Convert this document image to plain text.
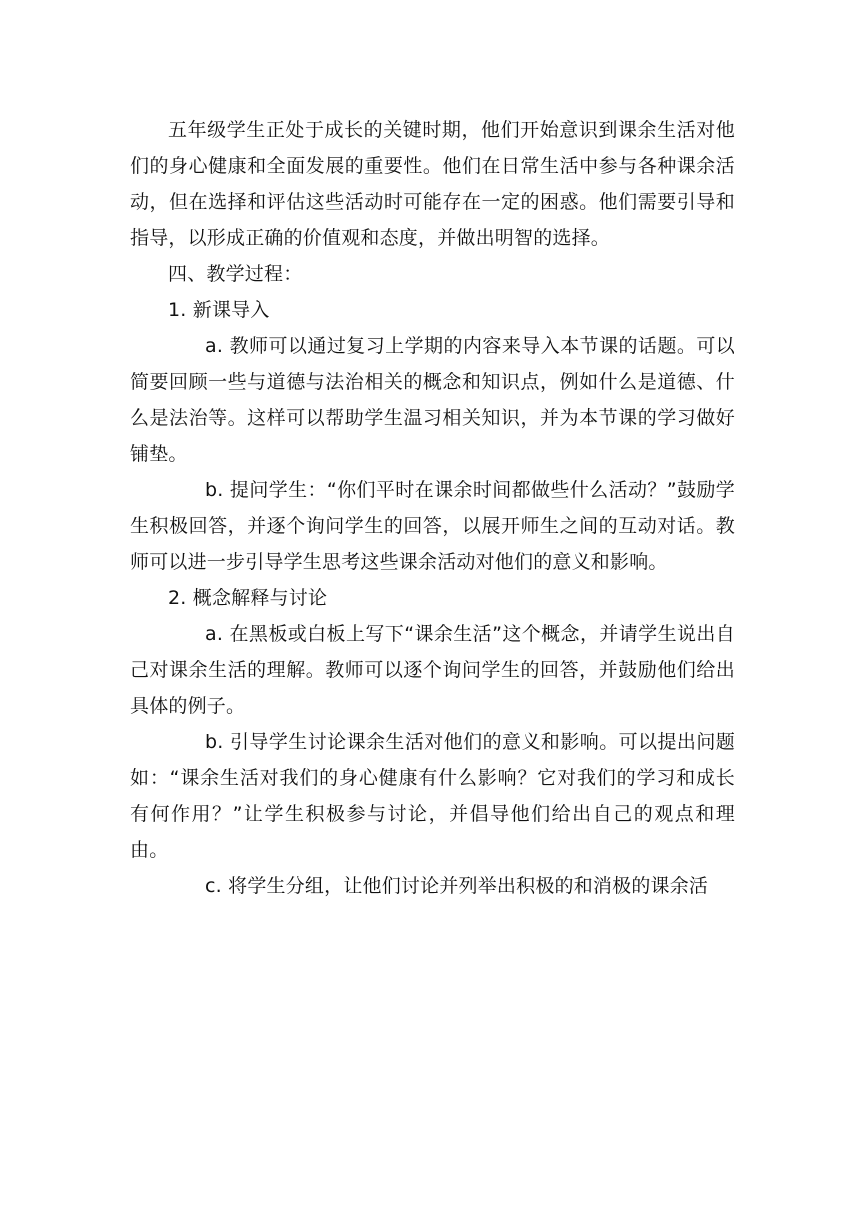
五年级学生正处于成长的关键时期，他们开始意识到课余生活对他们的身心健康和全面发展的重要性。他们在日常生活中参与各种课余活动，但在选择和评估这些活动时可能存在一定的困惑。他们需要引导和指导，以形成正确的价值观和态度，并做出明智的选择。

四、教学过程：

1. 新课导入

a. 教师可以通过复习上学期的内容来导入本节课的话题。可以简要回顾一些与道德与法治相关的概念和知识点，例如什么是道德、什么是法治等。这样可以帮助学生温习相关知识，并为本节课的学习做好铺垫。

b. 提问学生：“你们平时在课余时间都做些什么活动？”鼓励学生积极回答，并逐个询问学生的回答，以展开师生之间的互动对话。教师可以进一步引导学生思考这些课余活动对他们的意义和影响。

2. 概念解释与讨论

a. 在黑板或白板上写下“课余生活”这个概念，并请学生说出自己对课余生活的理解。教师可以逐个询问学生的回答，并鼓励他们给出具体的例子。

b. 引导学生讨论课余生活对他们的意义和影响。可以提出问题如：“课余生活对我们的身心健康有什么影响？它对我们的学习和成长有何作用？”让学生积极参与讨论，并倡导他们给出自己的观点和理由。

c. 将学生分组，让他们讨论并列举出积极的和消极的课余活
